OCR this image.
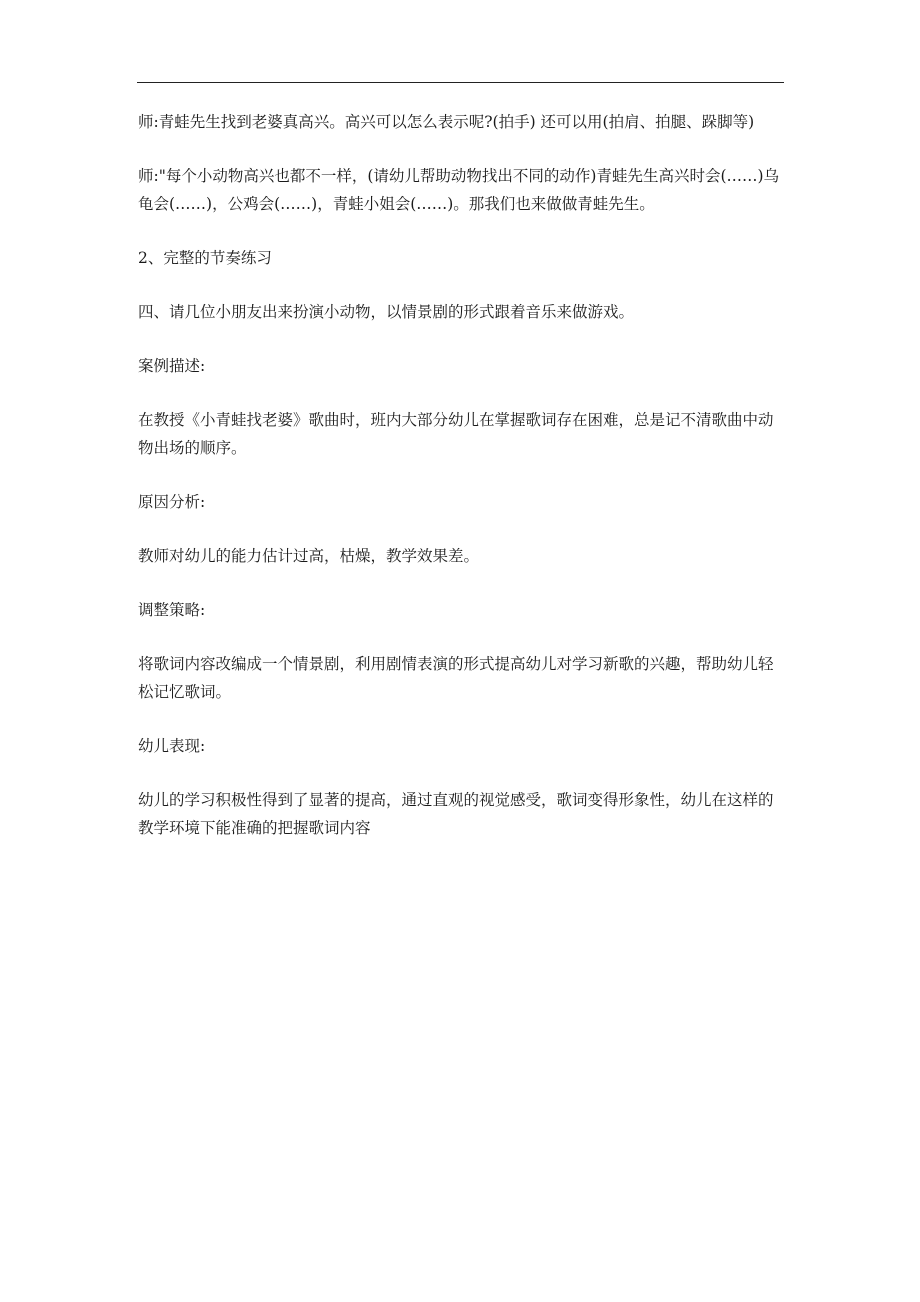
师:青蛙先生找到老婆真高兴。高兴可以怎么表示呢?(拍手) 还可以用(拍肩、拍腿、跺脚等)

师:"每个小动物高兴也都不一样，(请幼儿帮助动物找出不同的动作)青蛙先生高兴时会(……)乌龟会(……)，公鸡会(……)，青蛙小姐会(……)。那我们也来做做青蛙先生。

2、完整的节奏练习

四、请几位小朋友出来扮演小动物，以情景剧的形式跟着音乐来做游戏。

案例描述:

在教授《小青蛙找老婆》歌曲时，班内大部分幼儿在掌握歌词存在困难，总是记不清歌曲中动物出场的顺序。

原因分析:

教师对幼儿的能力估计过高，枯燥，教学效果差。

调整策略:

将歌词内容改编成一个情景剧，利用剧情表演的形式提高幼儿对学习新歌的兴趣，帮助幼儿轻松记忆歌词。

幼儿表现:

幼儿的学习积极性得到了显著的提高，通过直观的视觉感受，歌词变得形象性，幼儿在这样的教学环境下能准确的把握歌词内容
